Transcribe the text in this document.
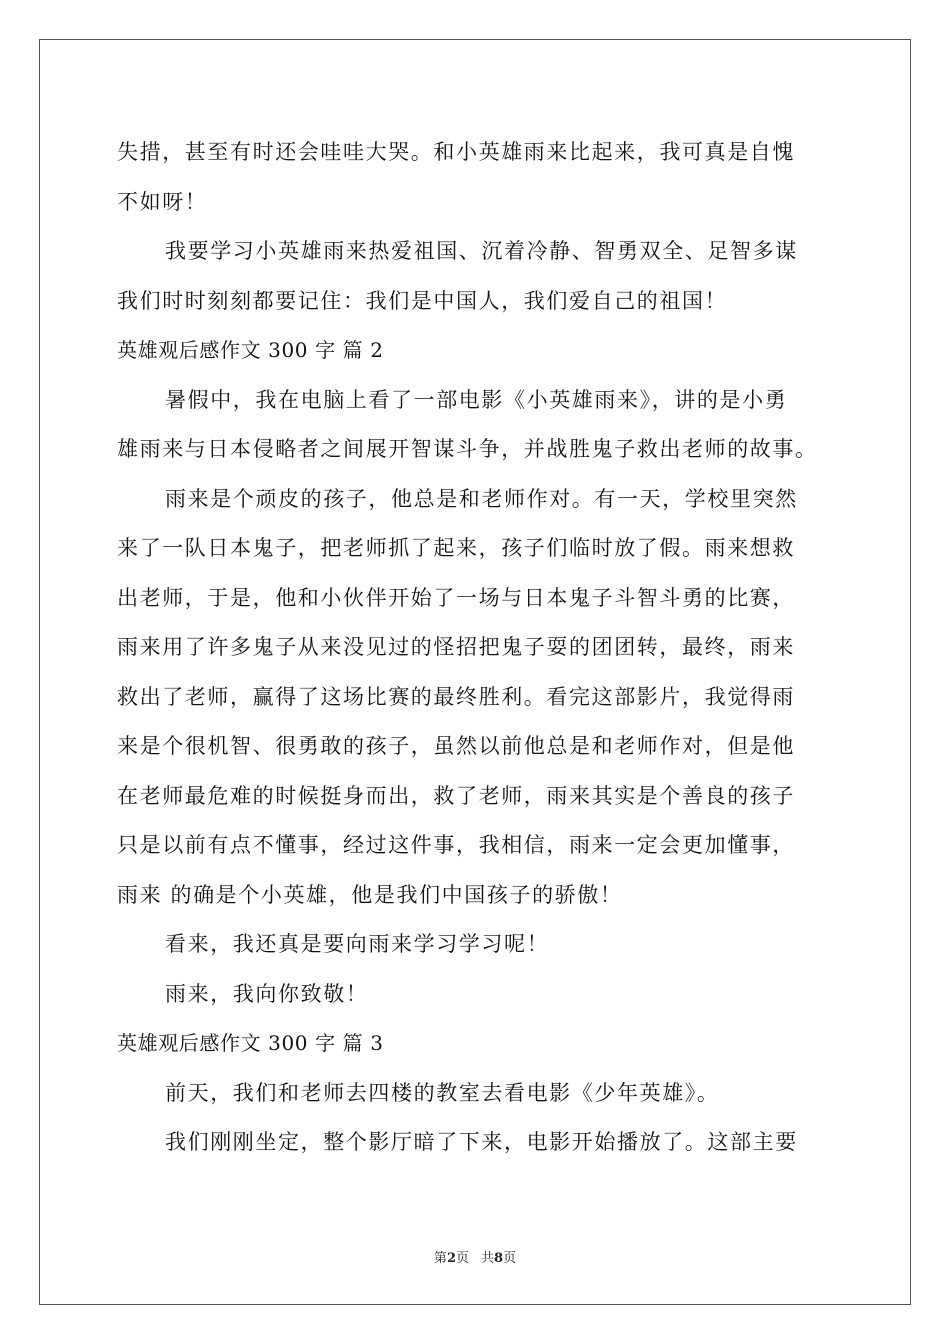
失措，甚至有时还会哇哇大哭。和小英雄雨来比起来，我可真是自愧
不如呀！
我要学习小英雄雨来热爱祖国、沉着冷静、智勇双全、足智多谋
我们时时刻刻都要记住：我们是中国人，我们爱自己的祖国！
英雄观后感作文 300 字 篇 2
暑假中，我在电脑上看了一部电影《小英雄雨来》，讲的是小勇
雄雨来与日本侵略者之间展开智谋斗争，并战胜鬼子救出老师的故事。
雨来是个顽皮的孩子，他总是和老师作对。有一天，学校里突然
来了一队日本鬼子，把老师抓了起来，孩子们临时放了假。雨来想救
出老师，于是，他和小伙伴开始了一场与日本鬼子斗智斗勇的比赛，
雨来用了许多鬼子从来没见过的怪招把鬼子耍的团团转，最终，雨来
救出了老师，赢得了这场比赛的最终胜利。看完这部影片，我觉得雨
来是个很机智、很勇敢的孩子，虽然以前他总是和老师作对，但是他
在老师最危难的时候挺身而出，救了老师，雨来其实是个善良的孩子
只是以前有点不懂事，经过这件事，我相信，雨来一定会更加懂事，
雨来 的确是个小英雄，他是我们中国孩子的骄傲！
看来，我还真是要向雨来学习学习呢！
雨来，我向你致敬！
英雄观后感作文 300 字 篇 3
前天，我们和老师去四楼的教室去看电影《少年英雄》。
我们刚刚坐定，整个影厅暗了下来，电影开始播放了。这部主要
第2页 共8页
